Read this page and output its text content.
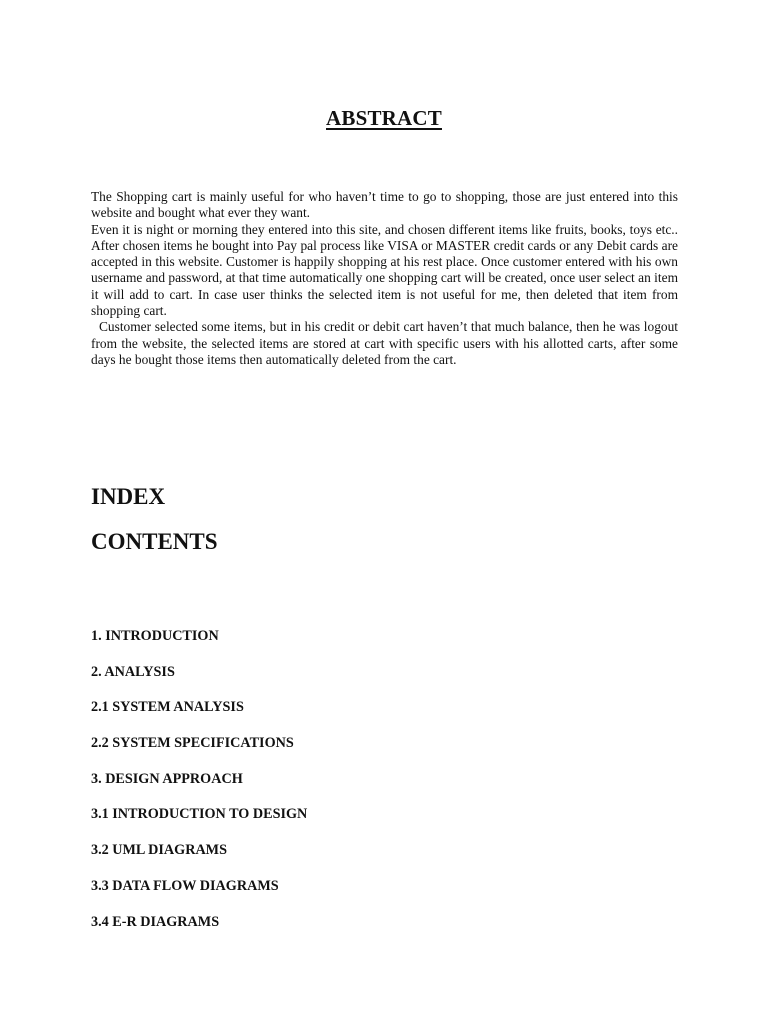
ABSTRACT

The Shopping cart is mainly useful for who haven’t time to go to shopping, those are just entered into this website and bought what ever they want.

Even it is night or morning they entered into this site, and chosen different items like fruits, books, toys etc.. After chosen items he bought into Pay pal process like VISA or MASTER credit cards or any Debit cards are accepted in this website. Customer is happily shopping at his rest place. Once customer entered with his own username and password, at that time automatically one shopping cart will be created, once user select an item it will add to cart. In case user thinks the selected item is not useful for me, then deleted that item from shopping cart.

Customer selected some items, but in his credit or debit cart haven’t that much balance, then he was logout from the website, the selected items are stored at cart with specific users with his allotted carts, after some days he bought those items then automatically deleted from the cart.

INDEX
CONTENTS
1. INTRODUCTION
2. ANALYSIS
2.1 SYSTEM ANALYSIS
2.2 SYSTEM SPECIFICATIONS
3. DESIGN APPROACH
3.1 INTRODUCTION TO DESIGN
3.2 UML DIAGRAMS
3.3 DATA FLOW DIAGRAMS
3.4 E-R DIAGRAMS
